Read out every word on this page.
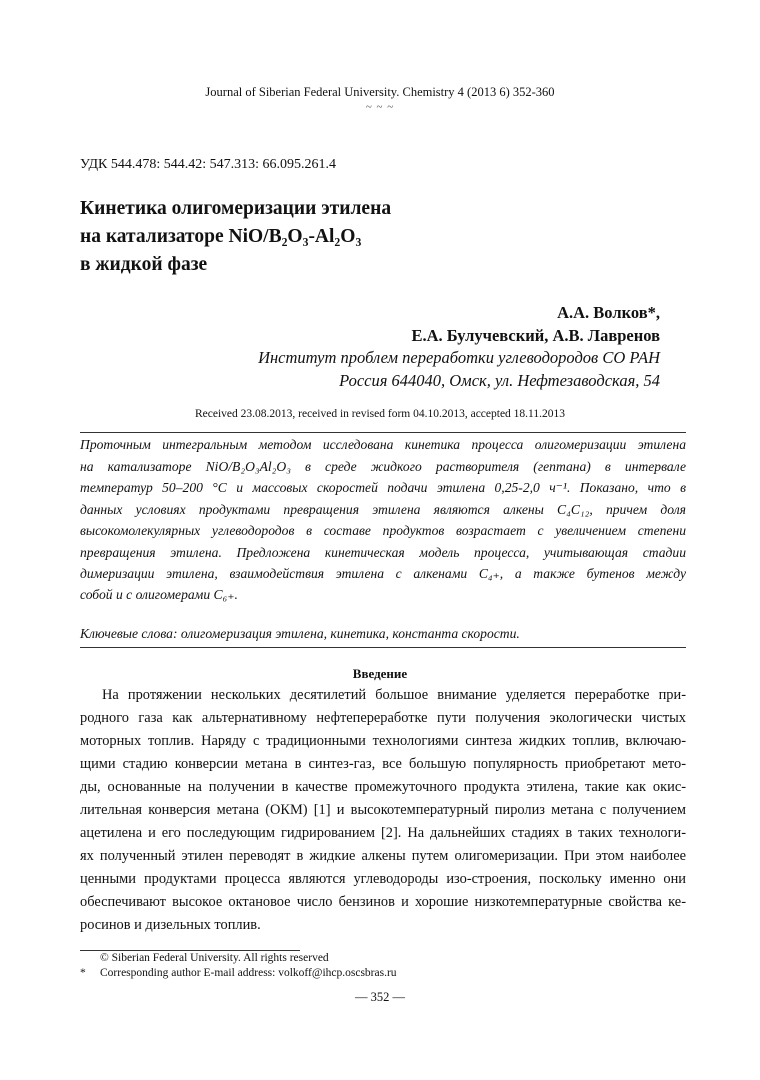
Journal of Siberian Federal University. Chemistry 4 (2013 6) 352-360
~ ~ ~
УДК 544.478: 544.42: 547.313: 66.095.261.4
Кинетика олигомеризации этилена
на катализаторе NiO/B₂O₃-Al₂O₃
в жидкой фазе
А.А. Волков*,
Е.А. Булучевский, А.В. Лавренов
Институт проблем переработки углеводородов СО РАН
Россия 644040, Омск, ул. Нефтезаводская, 54
Received 23.08.2013, received in revised form 04.10.2013, accepted 18.11.2013
Проточным интегральным методом исследована кинетика процесса олигомеризации этилена
на катализаторе NiO/B₂O₃Al₂O₃ в среде жидкого растворителя (гептана) в интервале
температур 50–200 °С и массовых скоростей подачи этилена 0,25-2,0 ч⁻¹. Показано, что в
данных условиях продуктами превращения этилена являются алкены C₄C₁₂, причем доля
высокомолекулярных углеводородов в составе продуктов возрастает с увеличением степени
превращения этилена. Предложена кинетическая модель процесса, учитывающая стадии
димеризации этилена, взаимодействия этилена с алкенами C₄₊, а также бутенов между
собой и с олигомерами C₆₊.
Ключевые слова: олигомеризация этилена, кинетика, константа скорости.
Введение
На протяжении нескольких десятилетий большое внимание уделяется переработке при-
родного газа как альтернативному нефтепереработке пути получения экологически чистых
моторных топлив. Наряду с традиционными технологиями синтеза жидких топлив, включаю-
щими стадию конверсии метана в синтез-газ, все большую популярность приобретают мето-
ды, основанные на получении в качестве промежуточного продукта этилена, такие как окис-
лительная конверсия метана (ОКМ) [1] и высокотемпературный пиролиз метана с получением
ацетилена и его последующим гидрированием [2]. На дальнейших стадиях в таких технологи-
ях полученный этилен переводят в жидкие алкены путем олигомеризации. При этом наиболее
ценными продуктами процесса являются углеводороды изо-строения, поскольку именно они
обеспечивают высокое октановое число бензинов и хорошие низкотемпературные свойства ке-
росинов и дизельных топлив.
© Siberian Federal University. All rights reserved
* Corresponding author E-mail address: volkoff@ihcp.oscsbras.ru
— 352 —
